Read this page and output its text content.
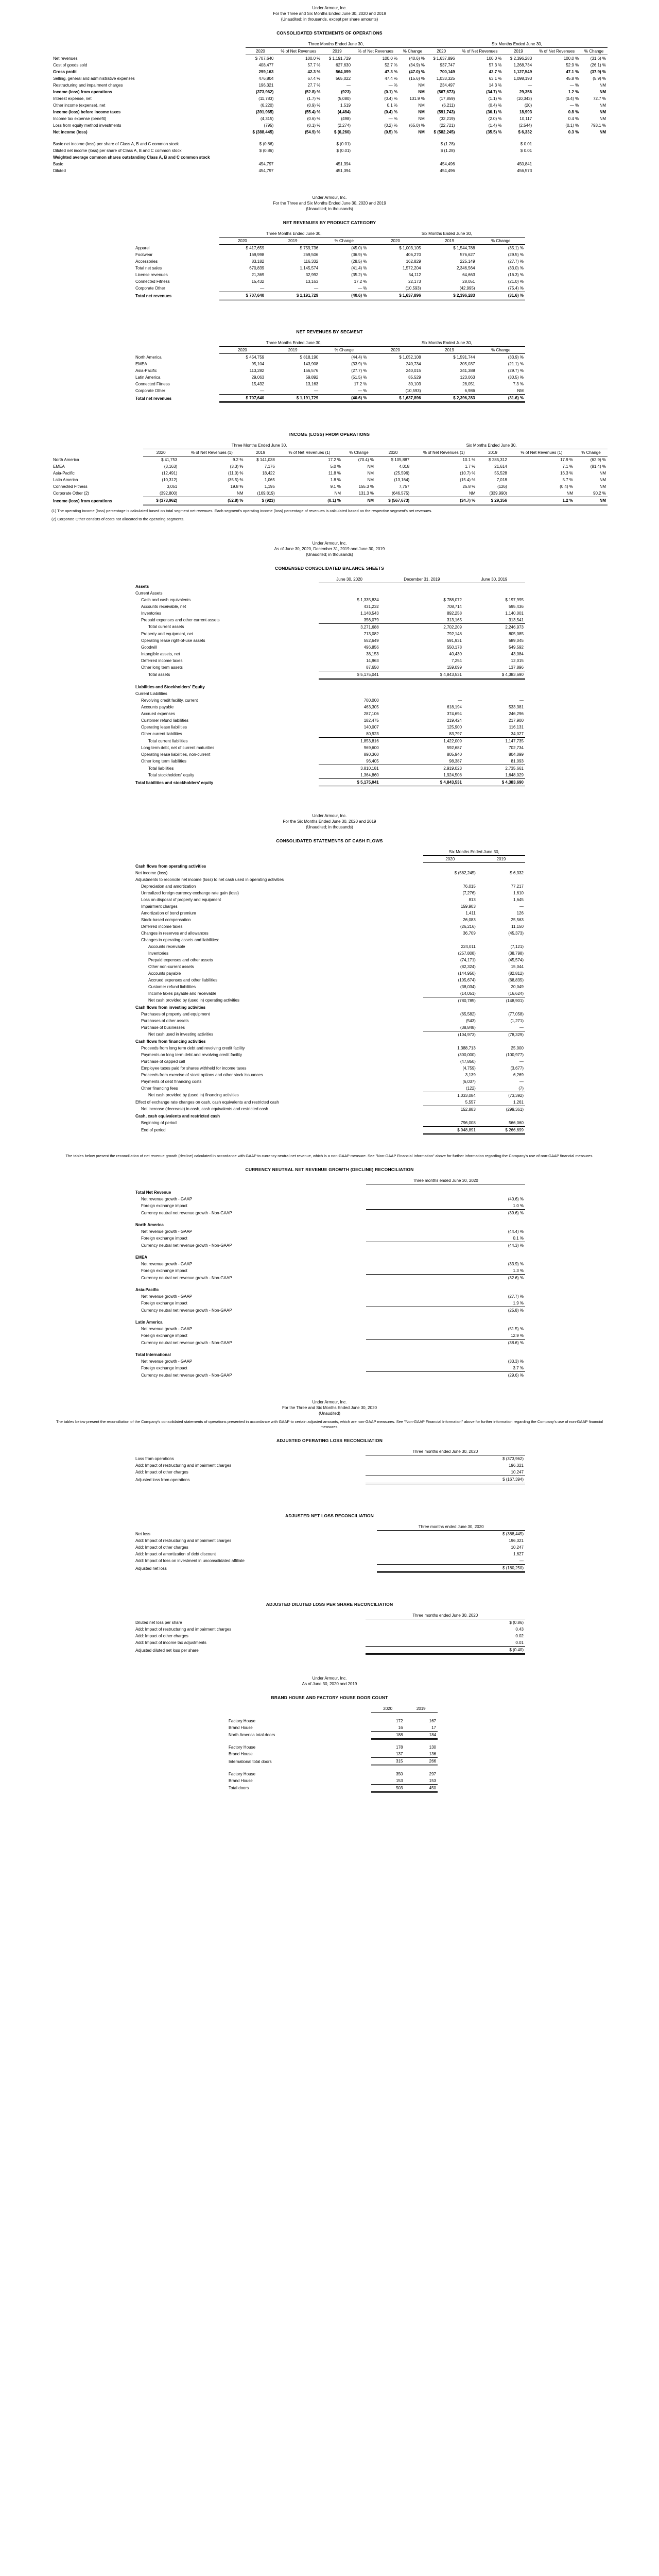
Under Armour, Inc.
For the Three and Six Months Ended June 30, 2020 and 2019
(Unaudited; in thousands, except per share amounts)
CONSOLIDATED STATEMENTS OF OPERATIONS
	Three Months Ended June 30,					Six Months Ended June 30,				
	2020	% of Net Revenues	2019	% of Net Revenues	% Change	2020	% of Net Revenues	2019	% of Net Revenues	% Change
Net revenues	$ 707,640	100.0 %	$ 1,191,729	100.0 %	(40.6) %	$ 1,637,896	100.0 %	$ 2,396,283	100.0 %	(31.6) %
Cost of goods sold	408,477	57.7 %	627,630	52.7 %	(34.9) %	937,747	57.3 %	1,268,734	52.9 %	(26.1) %
Gross profit	299,163	42.3 %	564,099	47.3 %	(47.0) %	700,149	42.7 %	1,127,549	47.1 %	(37.9) %
Selling, general and administrative expenses	476,804	67.4 %	565,022	47.4 %	(15.6) %	1,033,325	63.1 %	1,098,193	45.8 %	(5.9) %
Restructuring and impairment charges	196,321	27.7 %	—	— %	NM	234,497	14.3 %	—	— %	NM
Income (loss) from operations	(373,962)	(52.8) %	(923)	(0.1) %	NM	(567,673)	(34.7) %	29,356	1.2 %	NM
Interest expense, net	(11,783)	(1.7) %	(5,080)	(0.4) %	131.9 %	(17,859)	(1.1) %	(10,343)	(0.4) %	72.7 %
Other income (expense), net	(6,220)	(0.9) %	1,519	0.1 %	NM	(6,211)	(0.4) %	(20)	— %	NM
Income (loss) before income taxes	(391,965)	(55.4) %	(4,484)	(0.4) %	NM	(591,743)	(36.1) %	18,993	0.8 %	NM
Income tax expense (benefit)	(4,315)	(0.6) %	(498)	— %	NM	(32,219)	(2.0) %	10,117	0.4 %	NM
Loss from equity method investments	(795)	(0.1) %	(2,274)	(0.2) %	(65.0) %	(22,721)	(1.4) %	(2,544)	(0.1) %	793.1 %
Net income (loss)	$ (388,445)	(54.9) %	$ (6,260)	(0.5) %	NM	$ (582,245)	(35.5) %	$ 6,332	0.3 %	NM

Basic net income (loss) per share of Class A, B and C common stock	$ (0.86)		$ (0.01)			$ (1.28)		$ 0.01		
Diluted net income (loss) per share of Class A, B and C common stock	$ (0.86)		$ (0.01)			$ (1.28)		$ 0.01		
Weighted average common shares outstanding Class A, B and C common stock										
Basic	454,797		451,394			454,496		450,841		
Diluted	454,797		451,394			454,496		456,573		
Under Armour, Inc.
For the Three and Six Months Ended June 30, 2020 and 2019
(Unaudited; in thousands)
NET REVENUES BY PRODUCT CATEGORY
	Three Months Ended June 30,			Six Months Ended June 30,		
	2020	2019	% Change	2020	2019	% Change
Apparel	$ 417,659	$ 759,736	(45.0) %	$ 1,003,105	$ 1,544,788	(35.1) %
Footwear	169,998	269,506	(36.9) %	406,270	576,627	(29.5) %
Accessories	83,182	116,332	(28.5) %	162,829	225,149	(27.7) %
Total net sales	670,839	1,145,574	(41.4) %	1,572,204	2,346,564	(33.0) %
License revenues	21,369	32,992	(35.2) %	54,112	64,663	(16.3) %
Connected Fitness	15,432	13,163	17.2 %	22,173	28,051	(21.0) %
Corporate Other	—	—	— %	(10,593)	(42,995)	(75.4) %
Total net revenues	$ 707,640	$ 1,191,729	(40.6) %	$ 1,637,896	$ 2,396,283	(31.6) %
NET REVENUES BY SEGMENT
	Three Months Ended June 30,			Six Months Ended June 30,		
	2020	2019	% Change	2020	2019	% Change
North America	$ 454,759	$ 818,190	(44.4) %	$ 1,052,108	$ 1,591,744	(33.9) %
EMEA	95,104	143,908	(33.9) %	240,734	305,037	(21.1) %
Asia-Pacific	113,282	156,576	(27.7) %	240,015	341,388	(29.7) %
Latin America	29,063	59,892	(51.5) %	85,529	123,063	(30.5) %
Connected Fitness	15,432	13,163	17.2 %	30,103	28,051	7.3 %
Corporate Other	—	—	— %	(10,593)	6,986	NM
Total net revenues	$ 707,640	$ 1,191,729	(40.6) %	$ 1,637,896	$ 2,396,283	(31.6) %
INCOME (LOSS) FROM OPERATIONS
	Three Months Ended June 30,					Six Months Ended June 30,				
	2020	% of Net Revenues (1)	2019	% of Net Revenues (1)	% Change	2020	% of Net Revenues (1)	2019	% of Net Revenues (1)	% Change
North America	$ 41,753	9.2 %	$ 141,038	17.2 %	(70.4) %	$ 105,887	10.1 %	$ 285,312	17.9 %	(62.9) %
EMEA	(3,163)	(3.3) %	7,176	5.0 %	NM	4,018	1.7 %	21,614	7.1 %	(81.4) %
Asia-Pacific	(12,491)	(11.0) %	18,422	11.8 %	NM	(25,596)	(10.7) %	55,528	16.3 %	NM
Latin America	(10,312)	(35.5) %	1,065	1.8 %	NM	(13,164)	(15.4) %	7,018	5.7 %	NM
Connected Fitness	3,051	19.8 %	1,195	9.1 %	155.3 %	7,757	25.8 %	(126)	(0.4) %	NM
Corporate Other (2)	(392,800)	NM	(169,819)	NM	131.3 %	(646,575)	NM	(339,990)	NM	90.2 %
Income (loss) from operations	$ (373,962)	(52.8) %	$ (923)	(0.1) %	NM	$ (567,673)	(34.7) %	$ 29,356	1.2 %	NM
(1) The operating income (loss) percentage is calculated based on total segment net revenues. Each segment's operating income (loss) percentage of revenues is calculated based on the respective segment's net revenues.
(2) Corporate Other consists of costs not allocated to the operating segments.
Under Armour, Inc.
As of June 30, 2020, December 31, 2019 and June 30, 2019
(Unaudited; in thousands)
CONDENSED CONSOLIDATED BALANCE SHEETS
	June 30, 2020	December 31, 2019	June 30, 2019
Assets			
Current Assets			
Cash and cash equivalents	$ 1,335,834	$ 788,072	$ 197,995
Accounts receivable, net	431,232	708,714	595,436
Inventories	1,148,543	892,258	1,140,001
Prepaid expenses and other current assets	356,079	313,165	313,541
Total current assets	3,271,688	2,702,209	2,246,973
Property and equipment, net	713,082	792,148	805,085
Operating lease right-of-use assets	552,649	591,931	589,045
Goodwill	496,856	550,178	549,592
Intangible assets, net	38,153	40,430	43,084
Deferred income taxes	14,963	7,254	12,015
Other long term assets	87,650	159,099	137,896
Total assets	$ 5,175,041	$ 4,843,531	$ 4,383,690

Liabilities and Stockholders' Equity			
Current Liabilities			
Revolving credit facility, current	700,000	—	—
Accounts payable	463,305	618,194	533,381
Accrued expenses	287,106	374,694	246,296
Customer refund liabilities	182,475	219,424	217,900
Operating lease liabilities	140,007	125,900	116,131
Other current liabilities	80,923	83,797	34,027
Total current liabilities	1,853,816	1,422,009	1,147,735
Long term debt, net of current maturities	969,600	592,687	702,734
Operating lease liabilities, non-current	890,360	805,940	804,099
Other long term liabilities	96,405	98,387	81,093
Total liabilities	3,810,181	2,919,023	2,735,661
Total stockholders' equity	1,364,860	1,924,508	1,648,029
Total liabilities and stockholders' equity	$ 5,175,041	$ 4,843,531	$ 4,383,690
Under Armour, Inc.
For the Six Months Ended June 30, 2020 and 2019
(Unaudited; in thousands)
CONSOLIDATED STATEMENTS OF CASH FLOWS
	Six Months Ended June 30,	
	2020	2019
Cash flows from operating activities		
Net income (loss)	$ (582,245)	$ 6,332
Adjustments to reconcile net income (loss) to net cash used in operating activities		
Depreciation and amortization	76,015	77,217
Unrealized foreign currency exchange rate gain (loss)	(7,276)	1,610
Loss on disposal of property and equipment	813	1,645
Impairment charges	159,903	—
Amortization of bond premium	1,411	126
Stock-based compensation	26,083	25,563
Deferred income taxes	(26,216)	11,150
Changes in reserves and allowances	36,709	(45,373)
Changes in operating assets and liabilities:		
Accounts receivable	224,011	(7,121)
Inventories	(257,808)	(38,798)
Prepaid expenses and other assets	(74,171)	(45,574)
Other non-current assets	(82,324)	15,044
Accounts payable	(144,950)	(82,812)
Accrued expenses and other liabilities	(105,674)	(68,835)
Customer refund liabilities	(38,034)	20,049
Income taxes payable and receivable	(14,051)	(16,624)
Net cash provided by (used in) operating activities	(780,785)	(148,901)
Cash flows from investing activities		
Purchases of property and equipment	(65,582)	(77,058)
Purchases of other assets	(543)	(1,271)
Purchase of businesses	(38,848)	—
Net cash used in investing activities	(104,973)	(78,329)
Cash flows from financing activities		
Proceeds from long term debt and revolving credit facility	1,388,713	25,000
Payments on long term debt and revolving credit facility	(300,000)	(100,977)
Purchase of capped call	(47,850)	—
Employee taxes paid for shares withheld for income taxes	(4,759)	(3,677)
Proceeds from exercise of stock options and other stock issuances	3,139	6,269
Payments of debt financing costs	(6,037)	—
Other financing fees	(122)	(7)
Net cash provided by (used in) financing activities	1,033,084	(73,392)
Effect of exchange rate changes on cash, cash equivalents and restricted cash	5,557	1,261
Net increase (decrease) in cash, cash equivalents and restricted cash	152,883	(299,361)
Cash, cash equivalents and restricted cash		
Beginning of period	796,008	566,060
End of period	$ 948,891	$ 266,699
The tables below present the reconciliation of net revenue growth (decline) calculated in accordance with GAAP to currency neutral net revenue, which is a non-GAAP measure. See "Non-GAAP Financial Information" above for further information regarding the Company's use of non-GAAP financial measures.
CURRENCY NEUTRAL NET REVENUE GROWTH (DECLINE) RECONCILIATION
	Three months ended June 30, 2020

Total Net Revenue	
Net revenue growth - GAAP	(40.6) %
Foreign exchange impact	1.0 %
Currency neutral net revenue growth - Non-GAAP	(39.6) %

North America	
Net revenue growth - GAAP	(44.4) %
Foreign exchange impact	0.1 %
Currency neutral net revenue growth - Non-GAAP	(44.3) %

EMEA	
Net revenue growth - GAAP	(33.9) %
Foreign exchange impact	1.3 %
Currency neutral net revenue growth - Non-GAAP	(32.6) %

Asia-Pacific	
Net revenue growth - GAAP	(27.7) %
Foreign exchange impact	1.9 %
Currency neutral net revenue growth - Non-GAAP	(25.8) %

Latin America	
Net revenue growth - GAAP	(51.5) %
Foreign exchange impact	12.9 %
Currency neutral net revenue growth - Non-GAAP	(38.6) %

Total International	
Net revenue growth - GAAP	(33.3) %
Foreign exchange impact	3.7 %
Currency neutral net revenue growth - Non-GAAP	(29.6) %
Under Armour, Inc.
For the Three and Six Months Ended June 30, 2020
(Unaudited)
The tables below present the reconciliation of the Company's consolidated statements of operations presented in accordance with GAAP to certain adjusted amounts, which are non-GAAP measures. See "Non-GAAP Financial Information" above for further information regarding the Company's use of non-GAAP financial measures.
ADJUSTED OPERATING LOSS RECONCILIATION
	Three months ended June 30, 2020
Loss from operations	$ (373,962)
Add: Impact of restructuring and impairment charges	196,321
Add: Impact of other charges	10,247
Adjusted loss from operations	$ (167,394)
ADJUSTED NET LOSS RECONCILIATION
	Three months ended June 30, 2020
Net loss	$ (388,445)
Add: Impact of restructuring and impairment charges	196,321
Add: Impact of other charges	10,247
Add: Impact of amortization of debt discount	1,627
Add: Impact of loss on investment in unconsolidated affiliate	—
Adjusted net loss	$ (180,250)
ADJUSTED DILUTED LOSS PER SHARE RECONCILIATION
	Three months ended June 30, 2020
Diluted net loss per share	$ (0.86)
Add: Impact of restructuring and impairment charges	0.43
Add: Impact of other charges	0.02
Add: Impact of income tax adjustments	0.01
Adjusted diluted net loss per share	$ (0.40)
Under Armour, Inc.
As of June 30, 2020 and 2019
BRAND HOUSE AND FACTORY HOUSE DOOR COUNT
	2020	2019

Factory House	172	167
Brand House	16	17
North America total doors	188	184

Factory House	178	130
Brand House	137	136
International total doors	315	266

Factory House	350	297
Brand House	153	153
Total doors	503	450
